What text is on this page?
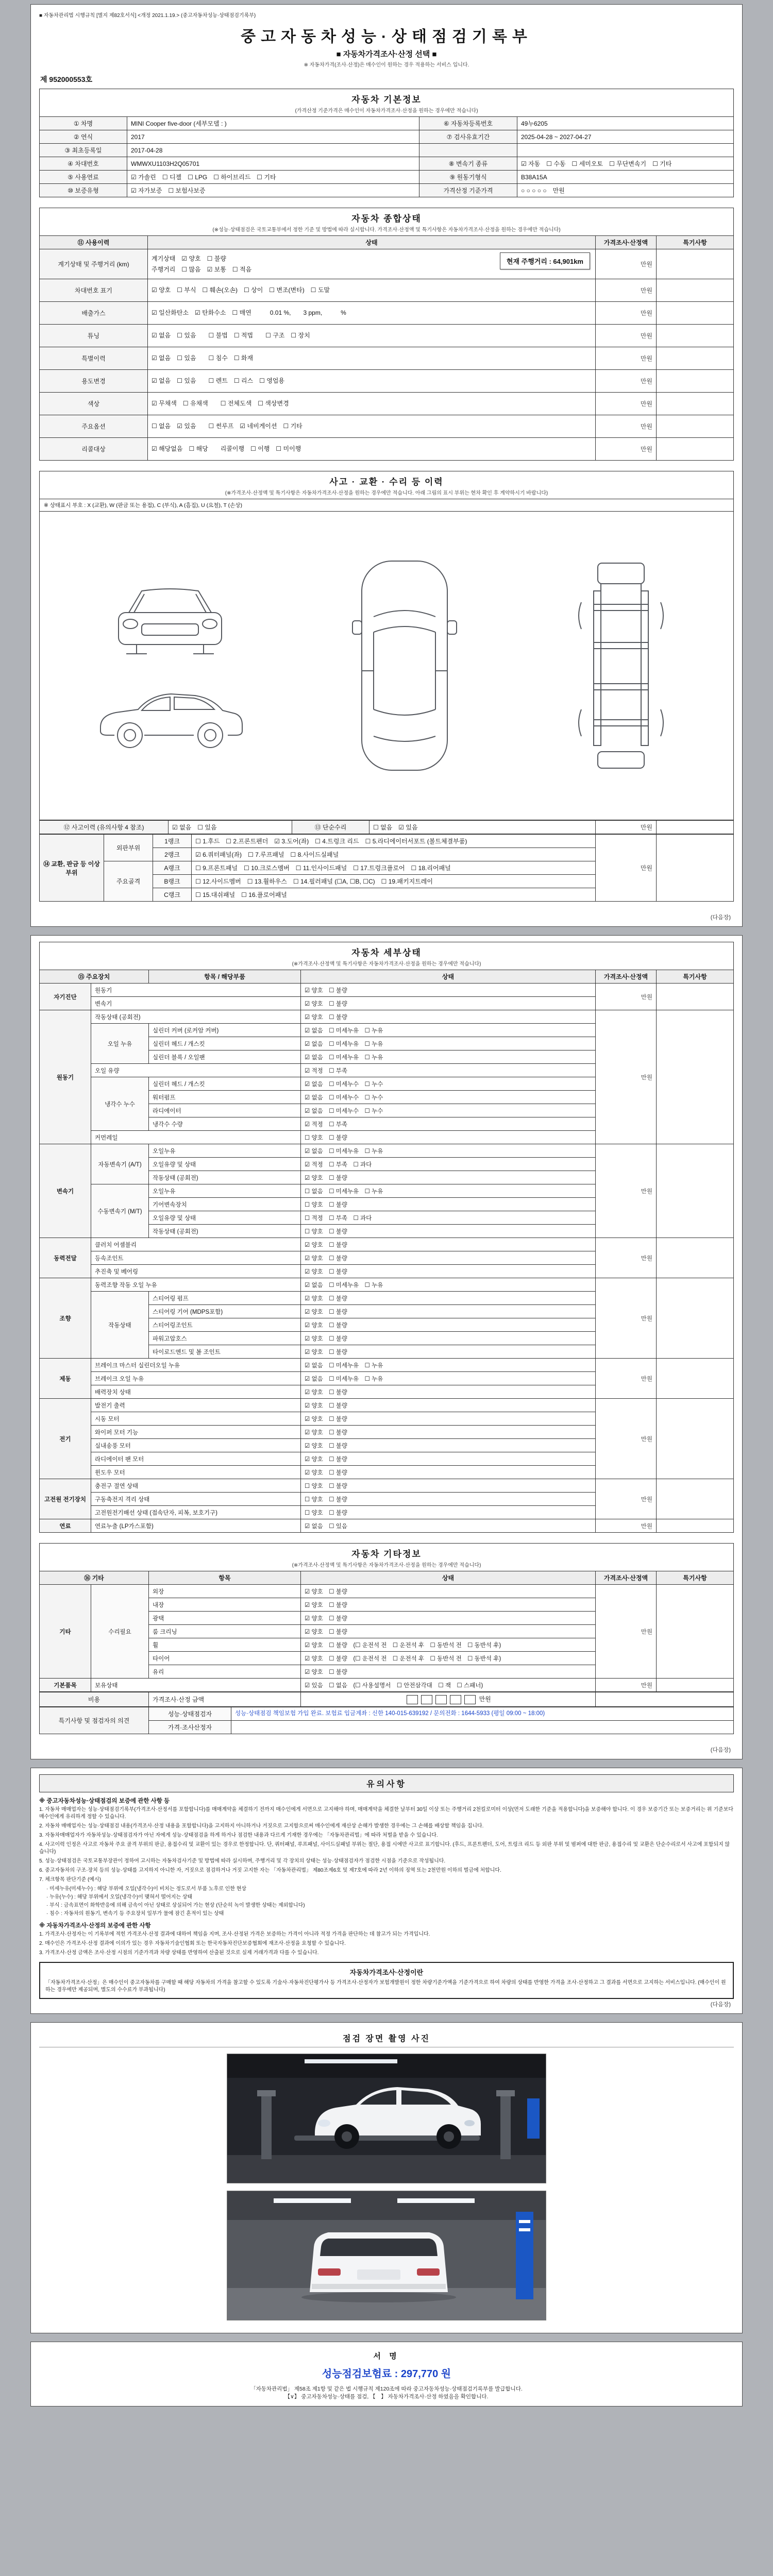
■ 자동차관리법 시행규칙 [별지 제82호서식] <개정 2021.1.19.> (중고자동차성능·상태점검기록부)
중고자동차성능·상태점검기록부
■ 자동차가격조사·산정 선택 ■
※ 자동차가격(조사·산정)은 매수인이 원하는 경우 적용하는 서비스 입니다.
제 952000553호
자동차 기본정보
(가격산정 기준가격은 매수인이 자동차가격조사·산정을 원하는 경우에만 적습니다)
① 차명	MINI Cooper five-door (세부모델 : )	⑥ 자동차등록번호	49누6205
② 연식	2017	⑦ 검사유효기간	2025-04-28 ~ 2027-04-27
③ 최초등록일	2017-04-28		
④ 차대번호	WMWXU1103H2Q05701	⑧ 변속기 종류	☑ 자동　☐ 수동　☐ 세미오토　☐ 무단변속기　☐ 기타
⑤ 사용연료	☑ 가솔린　☐ 디젤　☐ LPG　☐ 하이브리드　☐ 기타	⑨ 원동기형식	B38A15A
⑩ 보증유형	☑ 자가보증　☐ 보험사보증	가격산정 기준가격	○ ○ ○ ○ ○　만원
자동차 종합상태
(※성능·상태점검은 국토교통부에서 정한 기준 및 방법에 따라 실시합니다. 가격조사·산정액 및 특기사항은 자동차가격조사·산정을 원하는 경우에만 적습니다)
⑪ 사용이력	상태	가격조사·산정액	특기사항
계기상태 및 주행거리 (km)	계기상태　☑ 양호　☐ 불량
주행거리　☐ 많음　☑ 보통　☐ 적음
현재 주행거리 : 64,901km	만원	
차대번호 표기	☑ 양호　☐ 부식　☐ 훼손(오손)　☐ 상이　☐ 변조(변타)　☐ 도말	만원	
배출가스	☑ 일산화탄소　☑ 탄화수소　☐ 매연　　　0.01 %,　　3 ppm,　　　%	만원	
튜닝	☑ 없음　☐ 있음　　☐ 불법　☐ 적법　　☐ 구조　☐ 장치	만원	
특별이력	☑ 없음　☐ 있음　　☐ 침수　☐ 화재	만원	
용도변경	☑ 없음　☐ 있음　　☐ 렌트　☐ 리스　☐ 영업용	만원	
색상	☑ 무채색　☐ 유채색　　☐ 전체도색　☐ 색상변경	만원	
주요옵션	☐ 없음　☑ 있음　　☐ 썬루프　☑ 네비게이션　☐ 기타	만원	
리콜대상	☑ 해당없음　☐ 해당　　리콜이행　☐ 이행　☐ 미이행	만원	
사고 · 교환 · 수리 등 이력
(※가격조사·산정액 및 특기사항은 자동차가격조사·산정을 원하는 경우에만 적습니다. 아래 그림의 표시 부위는 현차 확인 후 계약하시기 바랍니다)
※ 상태표시 부호 : X (교환), W (판금 또는 용접), C (부식), A (흠집), U (요철), T (손상)
⑫ 사고이력 (유의사항 4 참조)	☑ 없음　☐ 있음	⑬ 단순수리	☐ 없음　☑ 있음	만원	
⑭ 교환, 판금 등 이상 부위	외판부위	1랭크	☐ 1.후드　☐ 2.프론트펜더　☑ 3.도어(좌)　☐ 4.트렁크 리드　☐ 5.라디에이터서포트 (볼트체결부품)	만원	
		2랭크	☑ 6.쿼터패널(좌)　☐ 7.루프패널　☐ 8.사이드실패널		
	주요골격	A랭크	☐ 9.프론트패널　☐ 10.크로스멤버　☐ 11.인사이드패널　☐ 17.트렁크플로어　☐ 18.리어패널		
		B랭크	☐ 12.사이드멤버　☐ 13.휠하우스　☐ 14.필러패널 (☐A, ☐B, ☐C)　☐ 19.패키지트레이		
		C랭크	☐ 15.대쉬패널　☐ 16.플로어패널		
(다음장)
자동차 세부상태
(※가격조사·산정액 및 특기사항은 자동차가격조사·산정을 원하는 경우에만 적습니다)
⑮ 주요장치		항목 / 해당부품	상태	가격조사·산정액	특기사항
자기진단	원동기		☑ 양호　☐ 불량	만원	
	변속기		☑ 양호　☐ 불량		
원동기	작동상태 (공회전)		☑ 양호　☐ 불량	만원	
	오일 누유	실린더 커버 (로커암 커버)	☑ 없음　☐ 미세누유　☐ 누유		
		실린더 헤드 / 개스킷	☑ 없음　☐ 미세누유　☐ 누유		
		실린더 블록 / 오일팬	☑ 없음　☐ 미세누유　☐ 누유		
	오일 유량		☑ 적정　☐ 부족		
	냉각수 누수	실린더 헤드 / 개스킷	☑ 없음　☐ 미세누수　☐ 누수		
		워터펌프	☑ 없음　☐ 미세누수　☐ 누수		
		라디에이터	☑ 없음　☐ 미세누수　☐ 누수		
		냉각수 수량	☑ 적정　☐ 부족		
	커먼레일		☐ 양호　☐ 불량		
변속기	자동변속기 (A/T)	오일누유	☑ 없음　☐ 미세누유　☐ 누유	만원	
		오일유량 및 상태	☑ 적정　☐ 부족　☐ 과다		
		작동상태 (공회전)	☑ 양호　☐ 불량		
	수동변속기 (M/T)	오일누유	☐ 없음　☐ 미세누유　☐ 누유		
		기어변속장치	☐ 양호　☐ 불량		
		오일유량 및 상태	☐ 적정　☐ 부족　☐ 과다		
		작동상태 (공회전)	☐ 양호　☐ 불량		
동력전달	클러치 어셈블리		☑ 양호　☐ 불량	만원	
	등속조인트		☑ 양호　☐ 불량		
	추진축 및 베어링		☑ 양호　☐ 불량		
조향	동력조향 작동 오일 누유		☑ 없음　☐ 미세누유　☐ 누유	만원	
	작동상태	스티어링 펌프	☑ 양호　☐ 불량		
		스티어링 기어 (MDPS포함)	☑ 양호　☐ 불량		
		스티어링조인트	☑ 양호　☐ 불량		
		파워고압호스	☑ 양호　☐ 불량		
		타이로드엔드 및 볼 조인트	☑ 양호　☐ 불량		
제동	브레이크 마스터 실린더오일 누유		☑ 없음　☐ 미세누유　☐ 누유	만원	
	브레이크 오일 누유		☑ 없음　☐ 미세누유　☐ 누유		
	배력장치 상태		☑ 양호　☐ 불량		
전기	발전기 출력		☑ 양호　☐ 불량	만원	
	시동 모터		☑ 양호　☐ 불량		
	와이퍼 모터 기능		☑ 양호　☐ 불량		
	실내송풍 모터		☑ 양호　☐ 불량		
	라디에이터 팬 모터		☑ 양호　☐ 불량		
	윈도우 모터		☑ 양호　☐ 불량		
고전원 전기장치	충전구 절연 상태		☐ 양호　☐ 불량	만원	
	구동축전지 격리 상태		☐ 양호　☐ 불량		
	고전원전기배선 상태 (접속단자, 피복, 보호기구)		☐ 양호　☐ 불량		
연료	연료누출 (LP가스포함)		☑ 없음　☐ 있음	만원	
자동차 기타정보
(※가격조사·산정액 및 특기사항은 자동차가격조사·산정을 원하는 경우에만 적습니다)
⑯ 기타		항목	상태	가격조사·산정액	특기사항
기타	수리필요	외장	☑ 양호　☐ 불량	만원	
		내장	☑ 양호　☐ 불량		
		광택	☑ 양호　☐ 불량		
		룸 크리닝	☑ 양호　☐ 불량		
		휠	☑ 양호　☐ 불량　(☐ 운전석 전　☐ 운전석 후　☐ 동반석 전　☐ 동반석 후)		
		타이어	☑ 양호　☐ 불량　(☐ 운전석 전　☐ 운전석 후　☐ 동반석 전　☐ 동반석 후)		
		유리	☑ 양호　☐ 불량		
기본품목	보유상태		☑ 있음　☐ 없음　(☐ 사용설명서　☐ 안전삼각대　☐ 잭　☐ 스패너)	만원	
비용	가격조사·산정 금액	만원	
특기사항 및 점검자의 의견	성능·상태점검자	성능·상태점검 책임보험 가입 완료. 보험료 입금계좌 : 신한 140-015-639192 / 문의전화 : 1644-5933 (평일 09:00 ~ 18:00)
	가격·조사산정자	
(다음장)
유의사항
※ 중고자동차성능·상태점검의 보증에 관한 사항 등
1. 자동차 매매업자는 성능·상태점검기록부(가격조사·산정서를 포함합니다)를 매매계약을 체결하기 전까지 매수인에게 서면으로 고지해야 하며, 매매계약을 체결한 날부터 30일 이상 또는 주행거리 2천킬로미터 이상(먼저 도래한 기준을 적용합니다)을 보증해야 합니다. 이 경우 보증기간 또는 보증거리는 위 기준보다 매수인에게 유리하게 정할 수 있습니다.
2. 자동차 매매업자는 성능·상태점검 내용(가격조사·산정 내용을 포함합니다)을 고지하지 아니하거나 거짓으로 고지함으로써 매수인에게 재산상 손해가 발생한 경우에는 그 손해를 배상할 책임을 집니다.
3. 자동차매매업자가 자동차성능·상태점검자가 아닌 자에게 성능·상태점검을 하게 하거나 점검한 내용과 다르게 기재한 경우에는 「자동차관리법」에 따라 처벌을 받을 수 있습니다.
4. 사고이력 인정은 사고로 자동차 주요 골격 부위의 판금, 용접수리 및 교환이 있는 경우로 한정합니다. 단, 쿼터패널, 루프패널, 사이드실패널 부위는 절단, 용접 시에만 사고로 표기합니다. (후드, 프론트펜더, 도어, 트렁크 리드 등 외판 부위 및 범퍼에 대한 판금, 용접수리 및 교환은 단순수리로서 사고에 포함되지 않습니다)
5. 성능·상태점검은 국토교통부장관이 정하여 고시하는 자동차검사기준 및 방법에 따라 실시하며, 주행거리 및 각 장치의 상태는 성능·상태점검자가 점검한 시점을 기준으로 작성됩니다.
6. 중고자동차의 구조·장치 등의 성능·상태를 고지하지 아니한 자, 거짓으로 점검하거나 거짓 고지한 자는 「자동차관리법」 제80조제6호 및 제7호에 따라 2년 이하의 징역 또는 2천만원 이하의 벌금에 처합니다.
7. 체크항목 판단기준 (예시)
· 미세누유(미세누수) : 해당 부위에 오일(냉각수)이 비치는 정도로서 부품 노후로 인한 현상
· 누유(누수) : 해당 부위에서 오일(냉각수)이 맺혀서 떨어지는 상태
· 부식 : 금속표면이 화학반응에 의해 금속이 아닌 상태로 상실되어 가는 현상 (단순히 녹이 발생한 상태는 제외합니다)
· 침수 : 자동차의 원동기, 변속기 등 주요장치 일부가 물에 잠긴 흔적이 있는 상태
※ 자동차가격조사·산정의 보증에 관한 사항
1. 가격조사·산정자는 이 기록부에 적힌 가격조사·산정 결과에 대하여 책임을 지며, 조사·산정된 가격은 보증하는 가격이 아니라 적정 가격을 판단하는 데 참고가 되는 가격입니다.
2. 매수인은 가격조사·산정 결과에 이의가 있는 경우 자동차기술인협회 또는 한국자동차진단보증협회에 재조사·산정을 요청할 수 있습니다.
3. 가격조사·산정 금액은 조사·산정 시점의 기준가격과 차량 상태를 반영하여 산출된 것으로 실제 거래가격과 다를 수 있습니다.
자동차가격조사·산정이란
「자동차가격조사·산정」은 매수인이 중고자동차를 구매할 때 해당 자동차의 가격을 참고할 수 있도록 기술사·자동차진단평가사 등 가격조사·산정자가 보험개발원이 정한 차량기준가액을 기준가격으로 하여 차량의 상태를 반영한 가격을 조사·산정하고 그 결과를 서면으로 고지하는 서비스입니다. (매수인이 원하는 경우에만 제공되며, 별도의 수수료가 부과됩니다)
(다음장)
점검 장면 촬영 사진
서 명
성능점검보험료 : 297,770 원
「자동차관리법」 제58조 제1항 및 같은 법 시행규칙 제120조에 따라 중고자동차성능·상태점검기록부를 발급합니다.
【∨】 중고자동차성능·상태를 점검, 【　】 자동차가격조사·산정 하였음을 확인합니다.
